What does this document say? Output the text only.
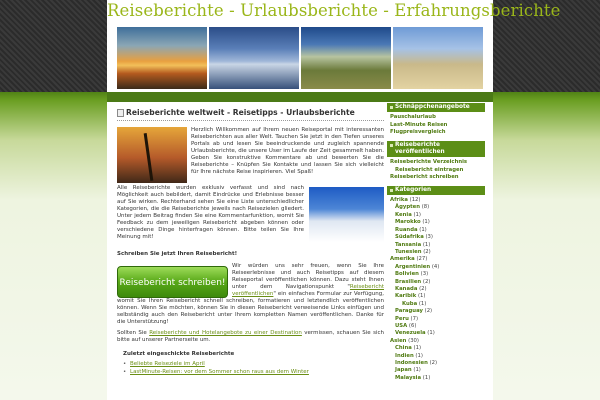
Reiseberichte - Urlaubsberichte - Erfahrungsberichte
Reiseberichte weltweit - Reisetipps - Urlaubsberichte

Herzlich Willkommen auf Ihrem neuen Reiseportal mit interessanten Reiseberichten aus aller Welt. Tauchen Sie jetzt in den Tiefen unseres Portals ab und lesen Sie beeindruckende und zugleich spannende Urlaubsberichte, die unsere User im Laufe der Zeit gesammelt haben. Geben Sie konstruktive Kommentare ab und bewerten Sie die Reiseberichte – Knüpfen Sie Kontakte und lassen Sie sich vielleicht für Ihre nächste Reise inspirieren. Viel Spaß!

Alle Reiseberichte wurden exklusiv verfasst und sind nach Möglichkeit auch bebildert, damit Eindrücke und Erlebnisse besser auf Sie wirken. Rechterhand sehen Sie eine Liste unterschiedlicher Kategorien, die die Reiseberichte jeweils nach Reisezielen gliedert. Unter jedem Beitrag finden Sie eine Kommentarfunktion, womit Sie Feedback zu dem jeweiligen Reisebericht abgeben können oder verschiedene Dinge hinterfragen können. Bitte teilen Sie Ihre Meinung mit!

Schreiben Sie jetzt Ihren Reisebericht!
Reisebericht schreiben!

Wir würden uns sehr freuen, wenn Sie Ihre Reiseerlebnisse und auch Reisetipps auf diesem Reiseportal veröffentlichen können. Dazu steht Ihnen unter dem Navigationspunkt "Reisebericht veröffentlichen" ein einfaches Formular zur Verfügung, womit Sie Ihren Reisebericht schnell schreiben, formatieren und letztendlich veröffentlichen können. Wenn Sie möchten, können Sie in diesen Reisebericht verweisende Links einfügen und selbständig auch den Reisebericht unter Ihrem kompletten Namen veröffentlichen. Danke für die Unterstützung!

Sollten Sie Reiseberichte und Hotelangebote zu einer Destination vermissen, schauen Sie sich bitte auf unserer Partnerseite um.

Zuletzt eingeschickte Reiseberichte
• Beliebte Reiseziele im April
• LastMinute-Reisen: vor dem Sommer schon raus aus dem Winter
Schnäppchenangebote
Pauschalurlaub
Last-Minute Reisen
Flugpreisvergleich
Reiseberichte veröffentlichen
Reiseberichte Verzeichnis
Reisebericht eintragen
Reisebericht schreiben
Kategorien
Afrika (12)
Ägypten (8)
Kenia (1)
Marokko (1)
Ruanda (1)
Südafrika (3)
Tansania (1)
Tunesien (2)
Amerika (27)
Argentinien (4)
Bolivien (3)
Brasilien (2)
Kanada (2)
Karibik (1)
Kuba (1)
Paraguay (2)
Peru (7)
USA (6)
Venezuela (1)
Asien (30)
China (1)
Indien (1)
Indonesien (2)
Japan (1)
Malaysia (1)
